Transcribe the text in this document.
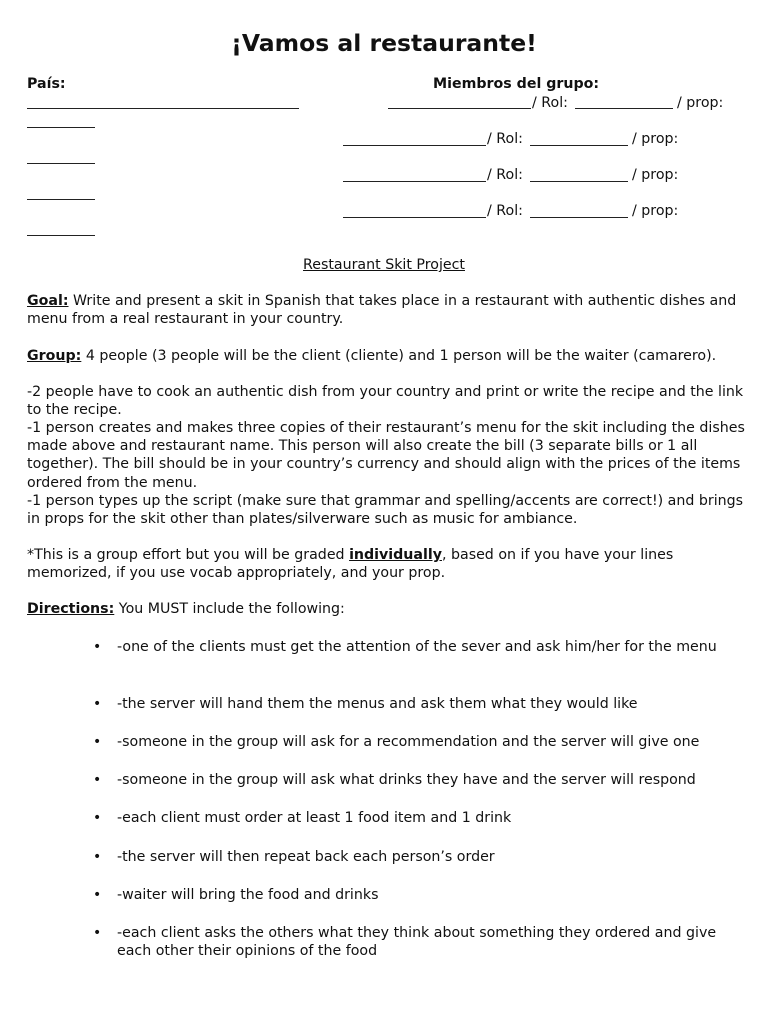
¡Vamos al restaurante!
País:	Miembros del grupo:
/ Rol:	/ prop:
/ Rol:	/ prop:
/ Rol:	/ prop:
/ Rol:	/ prop:
Restaurant Skit Project
Goal: Write and present a skit in Spanish that takes place in a restaurant with authentic dishes and menu from a real restaurant in your country.
Group: 4 people (3 people will be the client (cliente) and 1 person will be the waiter (camarero).
-2 people have to cook an authentic dish from your country and print or write the recipe and the link to the recipe.
-1 person creates and makes three copies of their restaurant’s menu for the skit including the dishes made above and restaurant name. This person will also create the bill (3 separate bills or 1 all together). The bill should be in your country’s currency and should align with the prices of the items ordered from the menu.
-1 person types up the script (make sure that grammar and spelling/accents are correct!) and brings in props for the skit other than plates/silverware such as music for ambiance.
*This is a group effort but you will be graded individually, based on if you have your lines memorized, if you use vocab appropriately, and your prop.
Directions: You MUST include the following:
• -one of the clients must get the attention of the sever and ask him/her for the menu
• -the server will hand them the menus and ask them what they would like
• -someone in the group will ask for a recommendation and the server will give one
• -someone in the group will ask what drinks they have and the server will respond
• -each client must order at least 1 food item and 1 drink
• -the server will then repeat back each person’s order
• -waiter will bring the food and drinks
• -each client asks the others what they think about something they ordered and give each other their opinions of the food
